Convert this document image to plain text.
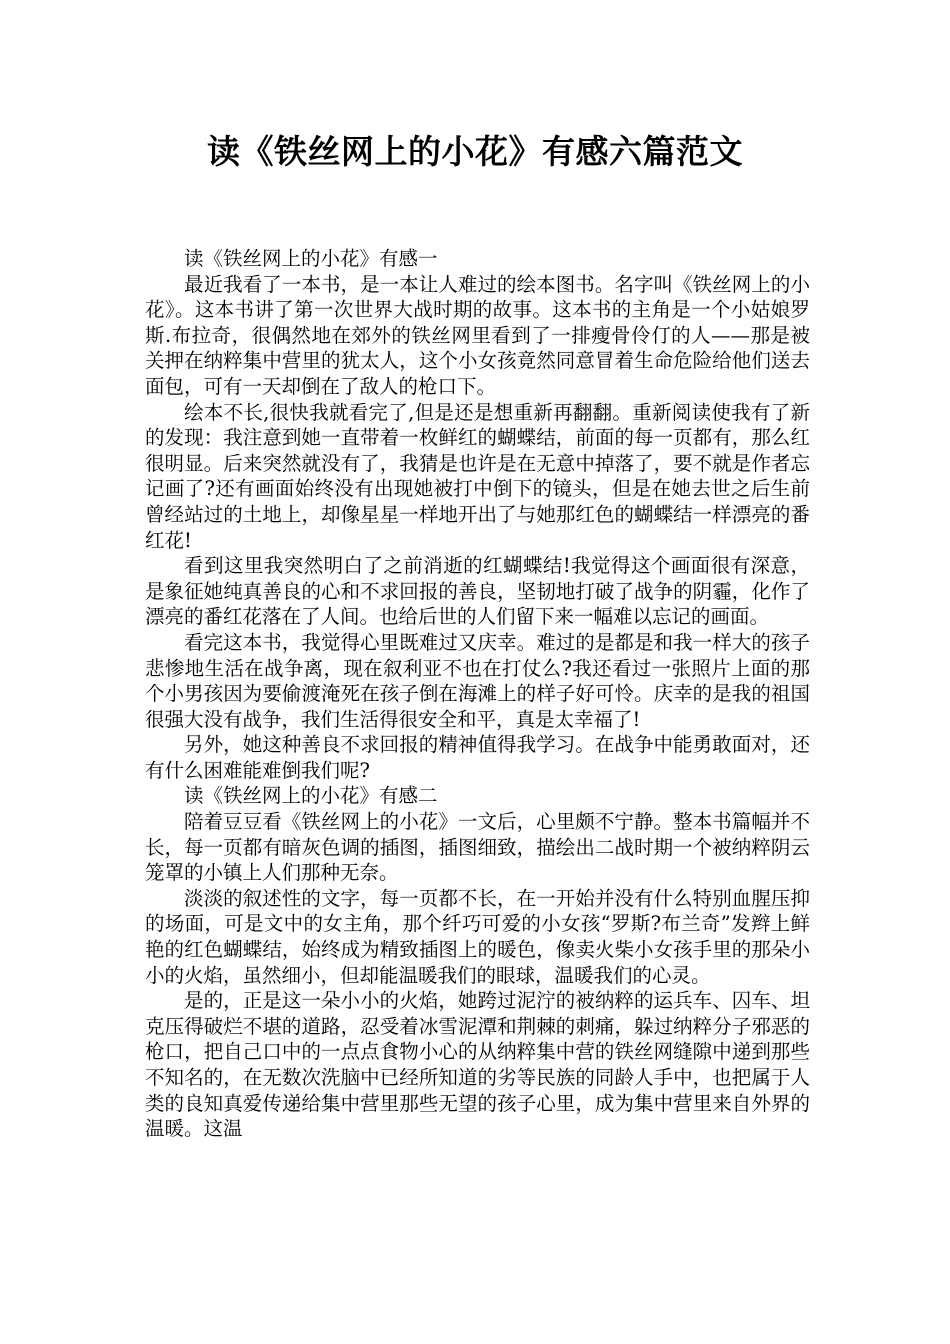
读《铁丝网上的小花》有感六篇范文

读《铁丝网上的小花》有感一

最近我看了一本书，是一本让人难过的绘本图书。名字叫《铁丝网上的小花》。这本书讲了第一次世界大战时期的故事。这本书的主角是一个小姑娘罗斯.布拉奇，很偶然地在郊外的铁丝网里看到了一排瘦骨伶仃的人——那是被关押在纳粹集中营里的犹太人，这个小女孩竟然同意冒着生命危险给他们送去面包，可有一天却倒在了敌人的枪口下。

绘本不长,很快我就看完了,但是还是想重新再翻翻。重新阅读使我有了新的发现：我注意到她一直带着一枚鲜红的蝴蝶结，前面的每一页都有，那么红很明显。后来突然就没有了，我猜是也许是在无意中掉落了，要不就是作者忘记画了?还有画面始终没有出现她被打中倒下的镜头，但是在她去世之后生前曾经站过的土地上，却像星星一样地开出了与她那红色的蝴蝶结一样漂亮的番红花!

看到这里我突然明白了之前消逝的红蝴蝶结!我觉得这个画面很有深意，是象征她纯真善良的心和不求回报的善良，坚韧地打破了战争的阴霾，化作了漂亮的番红花落在了人间。也给后世的人们留下来一幅难以忘记的画面。

看完这本书，我觉得心里既难过又庆幸。难过的是都是和我一样大的孩子悲惨地生活在战争离，现在叙利亚不也在打仗么?我还看过一张照片上面的那个小男孩因为要偷渡淹死在孩子倒在海滩上的样子好可怜。庆幸的是我的祖国很强大没有战争，我们生活得很安全和平，真是太幸福了!

另外，她这种善良不求回报的精神值得我学习。在战争中能勇敢面对，还有什么困难能难倒我们呢?

读《铁丝网上的小花》有感二

陪着豆豆看《铁丝网上的小花》一文后，心里颇不宁静。整本书篇幅并不长，每一页都有暗灰色调的插图，插图细致，描绘出二战时期一个被纳粹阴云笼罩的小镇上人们那种无奈。

淡淡的叙述性的文字，每一页都不长，在一开始并没有什么特别血腥压抑的场面，可是文中的女主角，那个纤巧可爱的小女孩“罗斯?布兰奇”发辫上鲜艳的红色蝴蝶结，始终成为精致插图上的暖色，像卖火柴小女孩手里的那朵小小的火焰，虽然细小，但却能温暖我们的眼球，温暖我们的心灵。

是的，正是这一朵小小的火焰，她跨过泥泞的被纳粹的运兵车、囚车、坦克压得破烂不堪的道路，忍受着冰雪泥潭和荆棘的刺痛，躲过纳粹分子邪恶的枪口，把自己口中的一点点食物小心的从纳粹集中营的铁丝网缝隙中递到那些不知名的，在无数次洗脑中已经所知道的劣等民族的同龄人手中，也把属于人类的良知真爱传递给集中营里那些无望的孩子心里，成为集中营里来自外界的温暖。这温
